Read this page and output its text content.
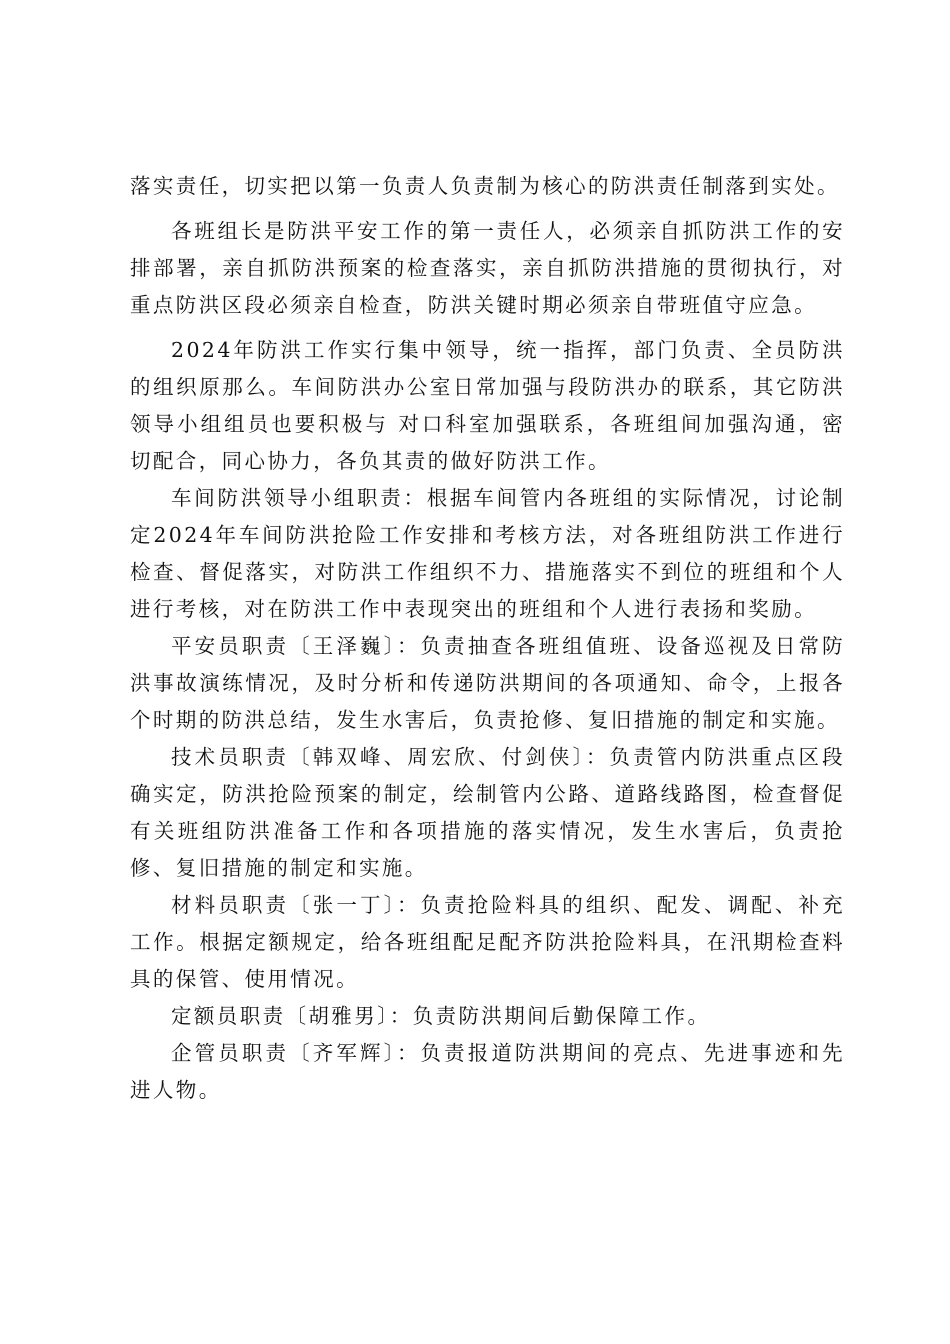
落实责任，切实把以第一负责人负责制为核心的防洪责任制落到实处。

各班组长是防洪平安工作的第一责任人，必须亲自抓防洪工作的安排部署，亲自抓防洪预案的检查落实，亲自抓防洪措施的贯彻执行，对重点防洪区段必须亲自检查，防洪关键时期必须亲自带班值守应急。

2024年防洪工作实行集中领导，统一指挥，部门负责、全员防洪的组织原那么。车间防洪办公室日常加强与段防洪办的联系，其它防洪领导小组组员也要积极与 对口科室加强联系，各班组间加强沟通，密切配合，同心协力，各负其责的做好防洪工作。

车间防洪领导小组职责：根据车间管内各班组的实际情况，讨论制定2024年车间防洪抢险工作安排和考核方法，对各班组防洪工作进行检查、督促落实，对防洪工作组织不力、措施落实不到位的班组和个人进行考核，对在防洪工作中表现突出的班组和个人进行表扬和奖励。

平安员职责〔王泽巍〕：负责抽查各班组值班、设备巡视及日常防洪事故演练情况，及时分析和传递防洪期间的各项通知、命令，上报各个时期的防洪总结，发生水害后，负责抢修、复旧措施的制定和实施。

技术员职责〔韩双峰、周宏欣、付剑侠〕：负责管内防洪重点区段确实定，防洪抢险预案的制定，绘制管内公路、道路线路图，检查督促有关班组防洪准备工作和各项措施的落实情况，发生水害后，负责抢修、复旧措施的制定和实施。

材料员职责〔张一丁〕：负责抢险料具的组织、配发、调配、补充工作。根据定额规定，给各班组配足配齐防洪抢险料具，在汛期检查料具的保管、使用情况。

定额员职责〔胡雅男〕：负责防洪期间后勤保障工作。

企管员职责〔齐军辉〕：负责报道防洪期间的亮点、先进事迹和先进人物。
